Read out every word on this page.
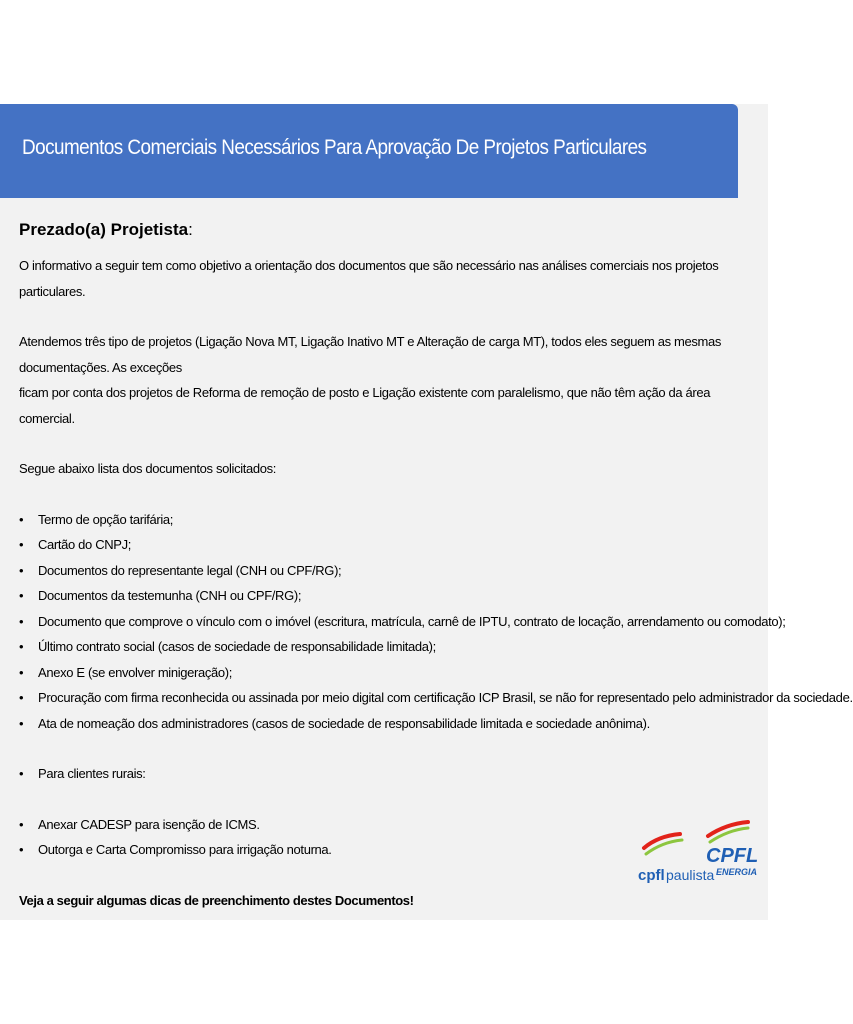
Documentos Comerciais Necessários Para Aprovação De Projetos Particulares

Prezado(a) Projetista:

O informativo a seguir tem como objetivo a orientação dos documentos que são necessário nas análises comerciais nos projetos particulares.

Atendemos três tipo de projetos (Ligação Nova MT, Ligação Inativo MT e Alteração de carga MT), todos eles seguem as mesmas documentações. As exceções

ficam por conta dos projetos de Reforma de remoção de posto e Ligação existente com paralelismo, que não têm ação da área comercial.

Segue abaixo lista dos documentos solicitados:

• Termo de opção tarifária;
• Cartão do CNPJ;
• Documentos do representante legal (CNH ou CPF/RG);
• Documentos da testemunha (CNH ou CPF/RG);
• Documento que comprove o vínculo com o imóvel (escritura, matrícula, carnê de IPTU, contrato de locação, arrendamento ou comodato);
• Último contrato social (casos de sociedade de responsabilidade limitada);
• Anexo E (se envolver minigeração);
• Procuração com firma reconhecida ou assinada por meio digital com certificação ICP Brasil, se não for representado pelo administrador da sociedade.
• Ata de nomeação dos administradores (casos de sociedade de responsabilidade limitada e sociedade anônima).
• Para clientes rurais:
• Anexar CADESP para isenção de ICMS.
• Outorga e Carta Compromisso para irrigação noturna.

Veja a seguir algumas dicas de preenchimento destes Documentos!

cpfl paulista
CPFL
ENERGIA
